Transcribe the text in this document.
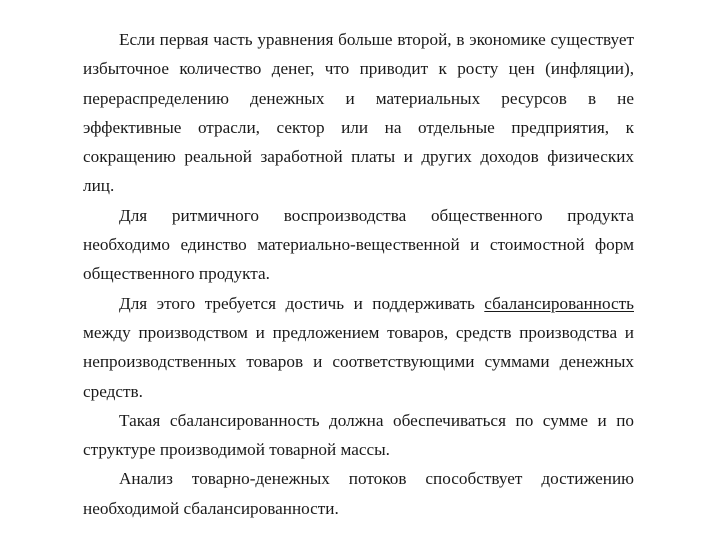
Если первая часть уравнения больше второй, в экономике существует избыточное количество денег, что приводит к росту цен (инфляции), перераспределению денежных и материальных ресурсов в не эффективные отрасли, сектор или на отдельные предприятия, к сокращению реальной заработной платы и других доходов физических лиц.

Для ритмичного воспроизводства общественного продукта необходимо единство материально-вещественной и стоимостной форм общественного продукта.

Для этого требуется достичь и поддерживать сбалансированность между производством и предложением товаров, средств производства и непроизводственных товаров и соответствующими суммами денежных средств.

Такая сбалансированность должна обеспечиваться по сумме и по структуре производимой товарной массы.

Анализ товарно-денежных потоков способствует достижению необходимой сбалансированности.
